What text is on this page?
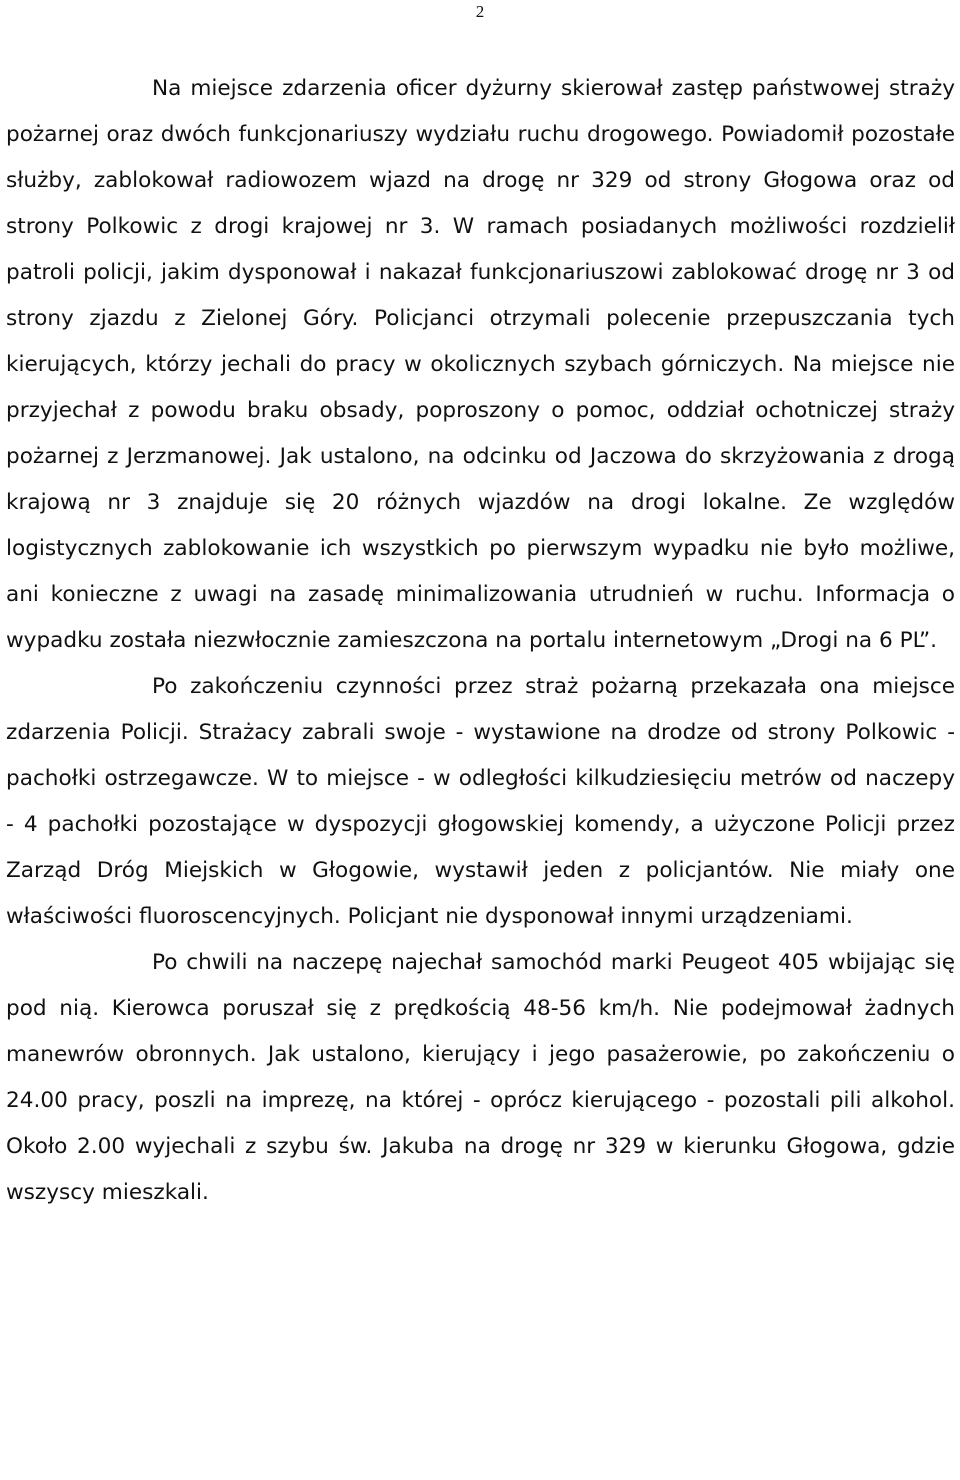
2

Na miejsce zdarzenia oficer dyżurny skierował zastęp państwowej straży pożarnej oraz dwóch funkcjonariuszy wydziału ruchu drogowego. Powiadomił pozostałe służby, zablokował radiowozem wjazd na drogę nr 329 od strony Głogowa oraz od strony Polkowic z drogi krajowej nr 3. W ramach posiadanych możliwości rozdzielił patroli policji, jakim dysponował i nakazał funkcjonariuszowi zablokować drogę nr 3 od strony zjazdu z Zielonej Góry. Policjanci otrzymali polecenie przepuszczania tych kierujących, którzy jechali do pracy w okolicznych szybach górniczych. Na miejsce nie przyjechał z powodu braku obsady, poproszony o pomoc, oddział ochotniczej straży pożarnej z Jerzmanowej. Jak ustalono, na odcinku od Jaczowa do skrzyżowania z drogą krajową nr 3 znajduje się 20 różnych wjazdów na drogi lokalne. Ze względów logistycznych zablokowanie ich wszystkich po pierwszym wypadku nie było możliwe, ani konieczne z uwagi na zasadę minimalizowania utrudnień w ruchu. Informacja o wypadku została niezwłocznie zamieszczona na portalu internetowym „Drogi na 6 PL”.

Po zakończeniu czynności przez straż pożarną przekazała ona miejsce zdarzenia Policji. Strażacy zabrali swoje - wystawione na drodze od strony Polkowic - pachołki ostrzegawcze. W to miejsce - w odległości kilkudziesięciu metrów od naczepy - 4 pachołki pozostające w dyspozycji głogowskiej komendy, a użyczone Policji przez Zarząd Dróg Miejskich w Głogowie, wystawił jeden z policjantów. Nie miały one właściwości fluoroscencyjnych. Policjant nie dysponował innymi urządzeniami.

Po chwili na naczepę najechał samochód marki Peugeot 405 wbijając się pod nią. Kierowca poruszał się z prędkością 48-56 km/h. Nie podejmował żadnych manewrów obronnych. Jak ustalono, kierujący i jego pasażerowie, po zakończeniu o 24.00 pracy, poszli na imprezę, na której - oprócz kierującego - pozostali pili alkohol. Około 2.00 wyjechali z szybu św. Jakuba na drogę nr 329 w kierunku Głogowa, gdzie wszyscy mieszkali.
